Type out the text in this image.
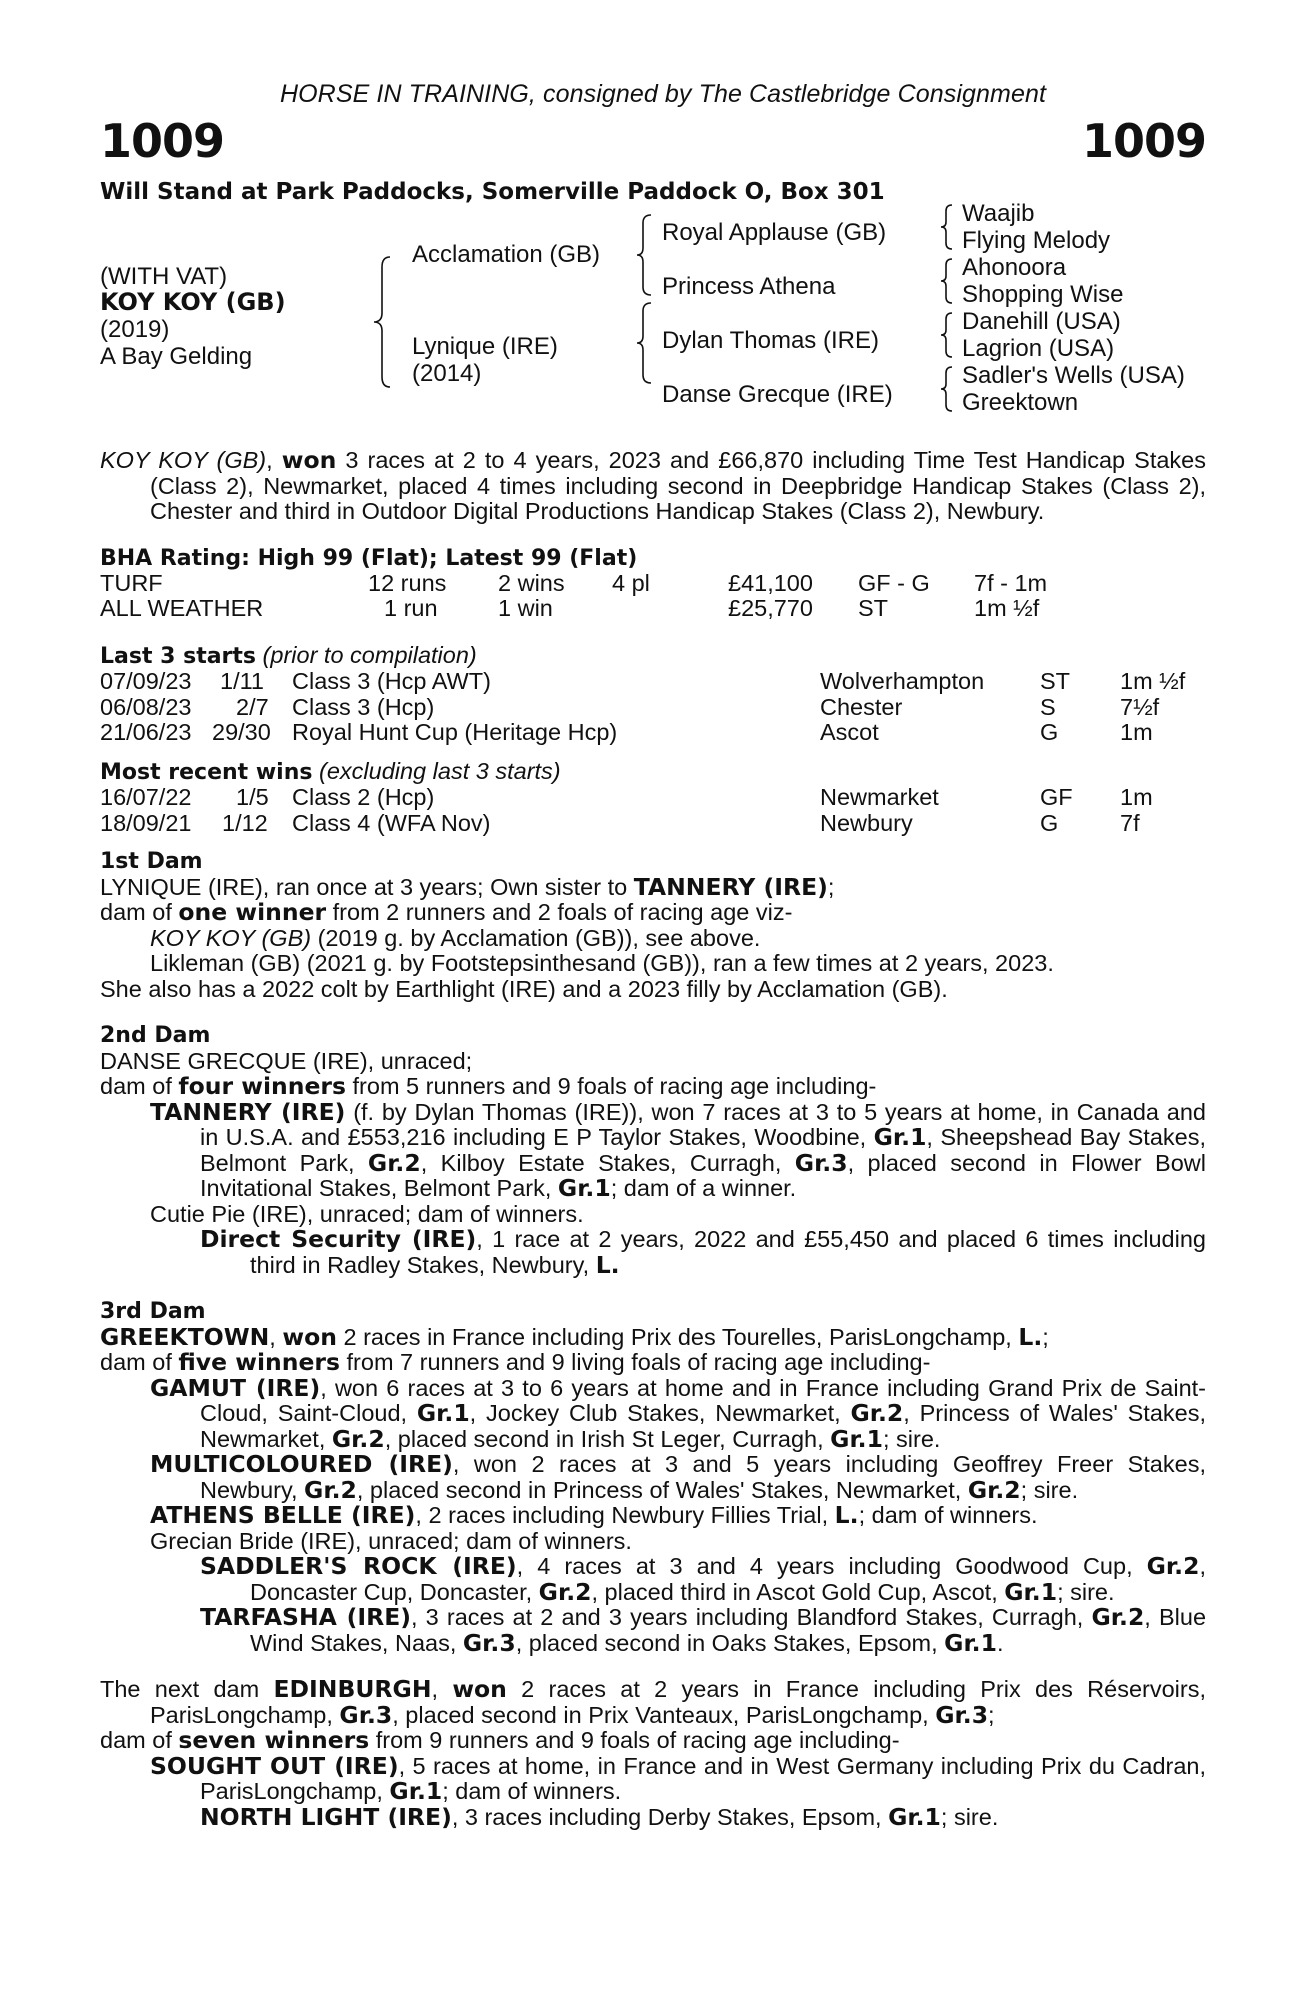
HORSE IN TRAINING, consigned by The Castlebridge Consignment
1009	1009
Will Stand at Park Paddocks, Somerville Paddock O, Box 301
(WITH VAT)
KOY KOY (GB)
(2019)
A Bay Gelding
Acclamation (GB)
Lynique (IRE)
(2014)
Royal Applause (GB)
Princess Athena
Dylan Thomas (IRE)
Danse Grecque (IRE)
Waajib
Flying Melody
Ahonoora
Shopping Wise
Danehill (USA)
Lagrion (USA)
Sadler's Wells (USA)
Greektown

KOY KOY (GB), won 3 races at 2 to 4 years, 2023 and £66,870 including Time Test Handicap Stakes (Class 2), Newmarket, placed 4 times including second in Deepbridge Handicap Stakes (Class 2), Chester and third in Outdoor Digital Productions Handicap Stakes (Class 2), Newbury.

BHA Rating: High 99 (Flat); Latest 99 (Flat)
TURF	12 runs 2 wins 4 pl	£41,100 GF - G 7f - 1m
ALL WEATHER	1 run	1 win	£25,770 ST	1m ½f
Last 3 starts (prior to compilation)
07/09/23 1/11 Class 3 (Hcp AWT)	Wolverhampton ST 1m ½f
06/08/23 2/7 Class 3 (Hcp)	Chester	S	7½f
21/06/23 29/30 Royal Hunt Cup (Heritage Hcp)	Ascot	G	1m
Most recent wins (excluding last 3 starts)
16/07/22 1/5 Class 2 (Hcp)	Newmarket	GF 1m
18/09/21 1/12 Class 4 (WFA Nov)	Newbury	G	7f
1st Dam

LYNIQUE (IRE), ran once at 3 years; Own sister to TANNERY (IRE);

dam of one winner from 2 runners and 2 foals of racing age viz-

KOY KOY (GB) (2019 g. by Acclamation (GB)), see above.

Likleman (GB) (2021 g. by Footstepsinthesand (GB)), ran a few times at 2 years, 2023.

She also has a 2022 colt by Earthlight (IRE) and a 2023 filly by Acclamation (GB).

2nd Dam

DANSE GRECQUE (IRE), unraced;

dam of four winners from 5 runners and 9 foals of racing age including-

TANNERY (IRE) (f. by Dylan Thomas (IRE)), won 7 races at 3 to 5 years at home, in Canada and in U.S.A. and £553,216 including E P Taylor Stakes, Woodbine, Gr.1, Sheepshead Bay Stakes, Belmont Park, Gr.2, Kilboy Estate Stakes, Curragh, Gr.3, placed second in Flower Bowl Invitational Stakes, Belmont Park, Gr.1; dam of a winner.

Cutie Pie (IRE), unraced; dam of winners.

Direct Security (IRE), 1 race at 2 years, 2022 and £55,450 and placed 6 times including third in Radley Stakes, Newbury, L.

3rd Dam

GREEKTOWN, won 2 races in France including Prix des Tourelles, ParisLongchamp, L.;

dam of five winners from 7 runners and 9 living foals of racing age including-

GAMUT (IRE), won 6 races at 3 to 6 years at home and in France including Grand Prix de Saint-Cloud, Saint-Cloud, Gr.1, Jockey Club Stakes, Newmarket, Gr.2, Princess of Wales' Stakes, Newmarket, Gr.2, placed second in Irish St Leger, Curragh, Gr.1; sire.

MULTICOLOURED (IRE), won 2 races at 3 and 5 years including Geoffrey Freer Stakes, Newbury, Gr.2, placed second in Princess of Wales' Stakes, Newmarket, Gr.2; sire.

ATHENS BELLE (IRE), 2 races including Newbury Fillies Trial, L.; dam of winners.

Grecian Bride (IRE), unraced; dam of winners.

SADDLER'S ROCK (IRE), 4 races at 3 and 4 years including Goodwood Cup, Gr.2, Doncaster Cup, Doncaster, Gr.2, placed third in Ascot Gold Cup, Ascot, Gr.1; sire.

TARFASHA (IRE), 3 races at 2 and 3 years including Blandford Stakes, Curragh, Gr.2, Blue Wind Stakes, Naas, Gr.3, placed second in Oaks Stakes, Epsom, Gr.1.

The next dam EDINBURGH, won 2 races at 2 years in France including Prix des Réservoirs, ParisLongchamp, Gr.3, placed second in Prix Vanteaux, ParisLongchamp, Gr.3;

dam of seven winners from 9 runners and 9 foals of racing age including-

SOUGHT OUT (IRE), 5 races at home, in France and in West Germany including Prix du Cadran, ParisLongchamp, Gr.1; dam of winners.

NORTH LIGHT (IRE), 3 races including Derby Stakes, Epsom, Gr.1; sire.
